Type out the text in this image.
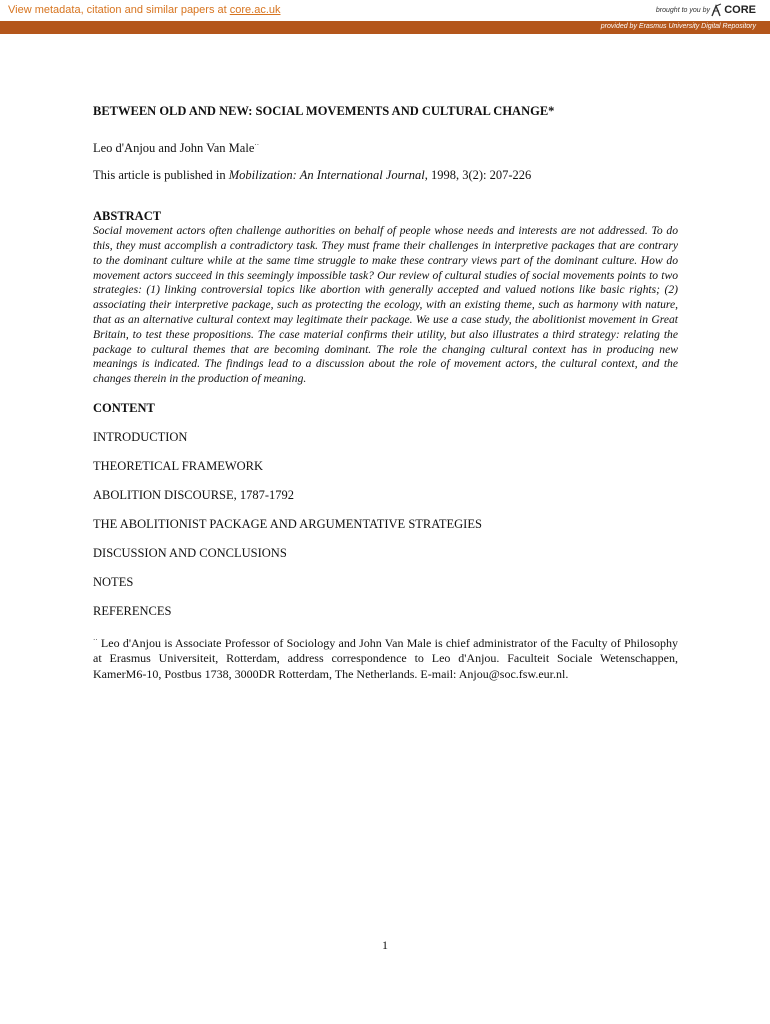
View metadata, citation and similar papers at core.ac.uk	brought to you by CORE
provided by Erasmus University Digital Repository

BETWEEN OLD AND NEW: SOCIAL MOVEMENTS AND CULTURAL CHANGE*

Leo d'Anjou and John Van Male··
This article is published in Mobilization: An International Journal, 1998, 3(2): 207-226
ABSTRACT

Social movement actors often challenge authorities on behalf of people whose needs and interests are not addressed. To do this, they must accomplish a contradictory task. They must frame their challenges in interpretive packages that are contrary to the dominant culture while at the same time struggle to make these contrary views part of the dominant culture. How do movement actors succeed in this seemingly impossible task? Our review of cultural studies of social movements points to two strategies: (1) linking controversial topics like abortion with generally accepted and valued notions like basic rights; (2) associating their interpretive package, such as protecting the ecology, with an existing theme, such as harmony with nature, that as an alternative cultural context may legitimate their package. We use a case study, the abolitionist movement in Great Britain, to test these propositions. The case material confirms their utility, but also illustrates a third strategy: relating the package to cultural themes that are becoming dominant. The role the changing cultural context has in producing new meanings is indicated. The findings lead to a discussion about the role of movement actors, the cultural context, and the changes therein in the production of meaning.

CONTENT
INTRODUCTION
THEORETICAL FRAMEWORK
ABOLITION DISCOURSE, 1787-1792
THE ABOLITIONIST PACKAGE AND ARGUMENTATIVE STRATEGIES
DISCUSSION AND CONCLUSIONS
NOTES
REFERENCES
·· Leo d'Anjou is Associate Professor of Sociology and John Van Male is chief administrator of the Faculty of Philosophy at Erasmus Universiteit, Rotterdam, address correspondence to Leo d'Anjou. Faculteit Sociale Wetenschappen, KamerM6-10, Postbus 1738, 3000DR Rotterdam, The Netherlands. E-mail: Anjou@soc.fsw.eur.nl.
1
